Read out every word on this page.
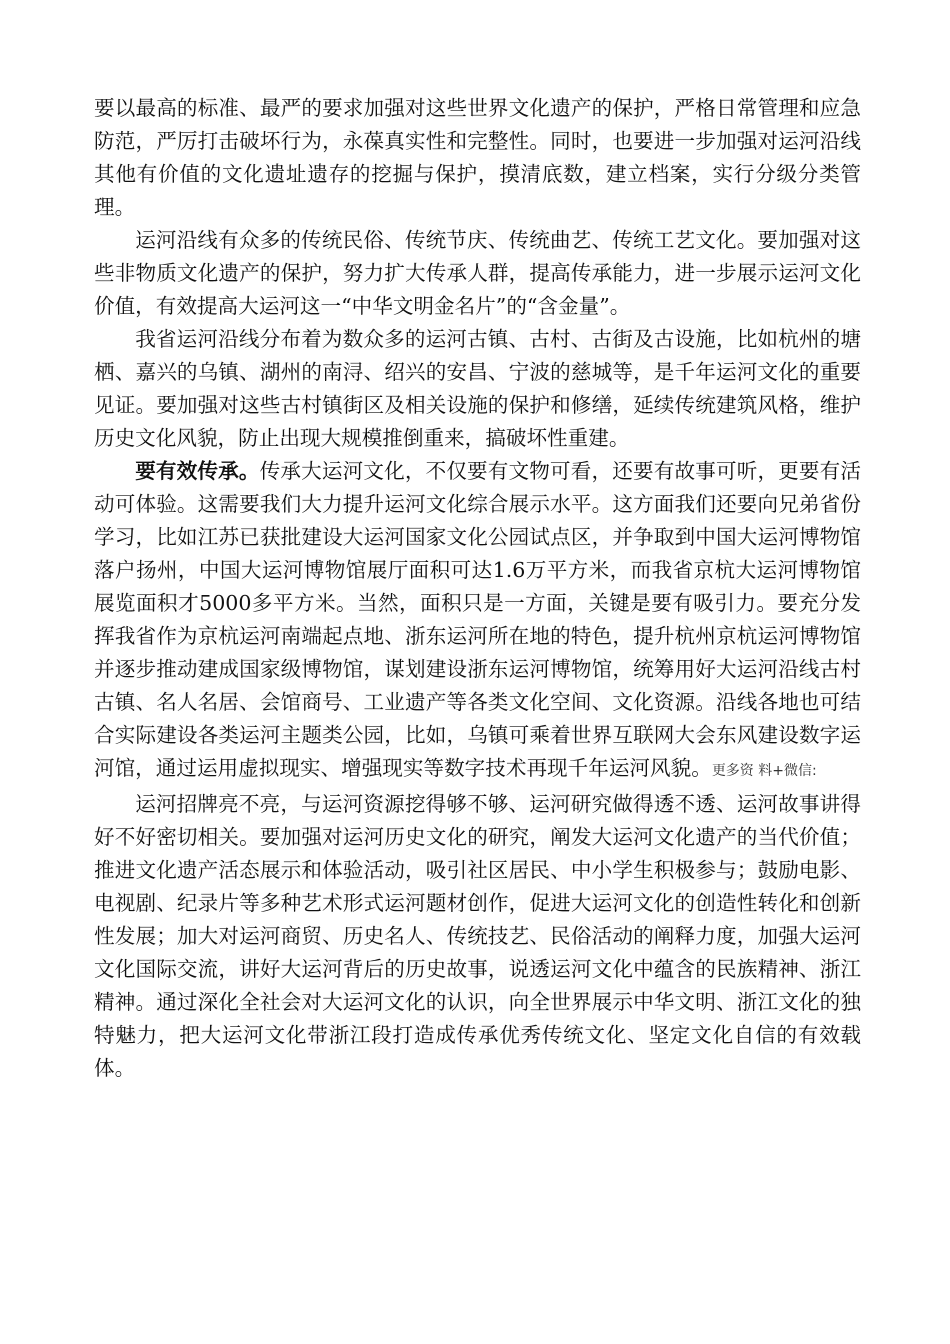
要以最高的标准、最严的要求加强对这些世界文化遗产的保护，严格日常管理和应急防范，严厉打击破坏行为，永葆真实性和完整性。同时，也要进一步加强对运河沿线其他有价值的文化遗址遗存的挖掘与保护，摸清底数，建立档案，实行分级分类管理。

运河沿线有众多的传统民俗、传统节庆、传统曲艺、传统工艺文化。要加强对这些非物质文化遗产的保护，努力扩大传承人群，提高传承能力，进一步展示运河文化价值，有效提高大运河这一“中华文明金名片”的“含金量”。

我省运河沿线分布着为数众多的运河古镇、古村、古街及古设施，比如杭州的塘栖、嘉兴的乌镇、湖州的南浔、绍兴的安昌、宁波的慈城等，是千年运河文化的重要见证。要加强对这些古村镇街区及相关设施的保护和修缮，延续传统建筑风格，维护历史文化风貌，防止出现大规模推倒重来，搞破坏性重建。

要有效传承。传承大运河文化，不仅要有文物可看，还要有故事可听，更要有活动可体验。这需要我们大力提升运河文化综合展示水平。这方面我们还要向兄弟省份学习，比如江苏已获批建设大运河国家文化公园试点区，并争取到中国大运河博物馆落户扬州，中国大运河博物馆展厅面积可达1.6万平方米，而我省京杭大运河博物馆展览面积才5000多平方米。当然，面积只是一方面，关键是要有吸引力。要充分发挥我省作为京杭运河南端起点地、浙东运河所在地的特色，提升杭州京杭运河博物馆并逐步推动建成国家级博物馆，谋划建设浙东运河博物馆，统筹用好大运河沿线古村古镇、名人名居、会馆商号、工业遗产等各类文化空间、文化资源。沿线各地也可结合实际建设各类运河主题类公园，比如，乌镇可乘着世界互联网大会东风建设数字运河馆，通过运用虚拟现实、增强现实等数字技术再现千年运河风貌。更多资 料+微信:

运河招牌亮不亮，与运河资源挖得够不够、运河研究做得透不透、运河故事讲得好不好密切相关。要加强对运河历史文化的研究，阐发大运河文化遗产的当代价值；推进文化遗产活态展示和体验活动，吸引社区居民、中小学生积极参与；鼓励电影、电视剧、纪录片等多种艺术形式运河题材创作，促进大运河文化的创造性转化和创新性发展；加大对运河商贸、历史名人、传统技艺、民俗活动的阐释力度，加强大运河文化国际交流，讲好大运河背后的历史故事，说透运河文化中蕴含的民族精神、浙江精神。通过深化全社会对大运河文化的认识，向全世界展示中华文明、浙江文化的独特魅力，把大运河文化带浙江段打造成传承优秀传统文化、坚定文化自信的有效载体。
